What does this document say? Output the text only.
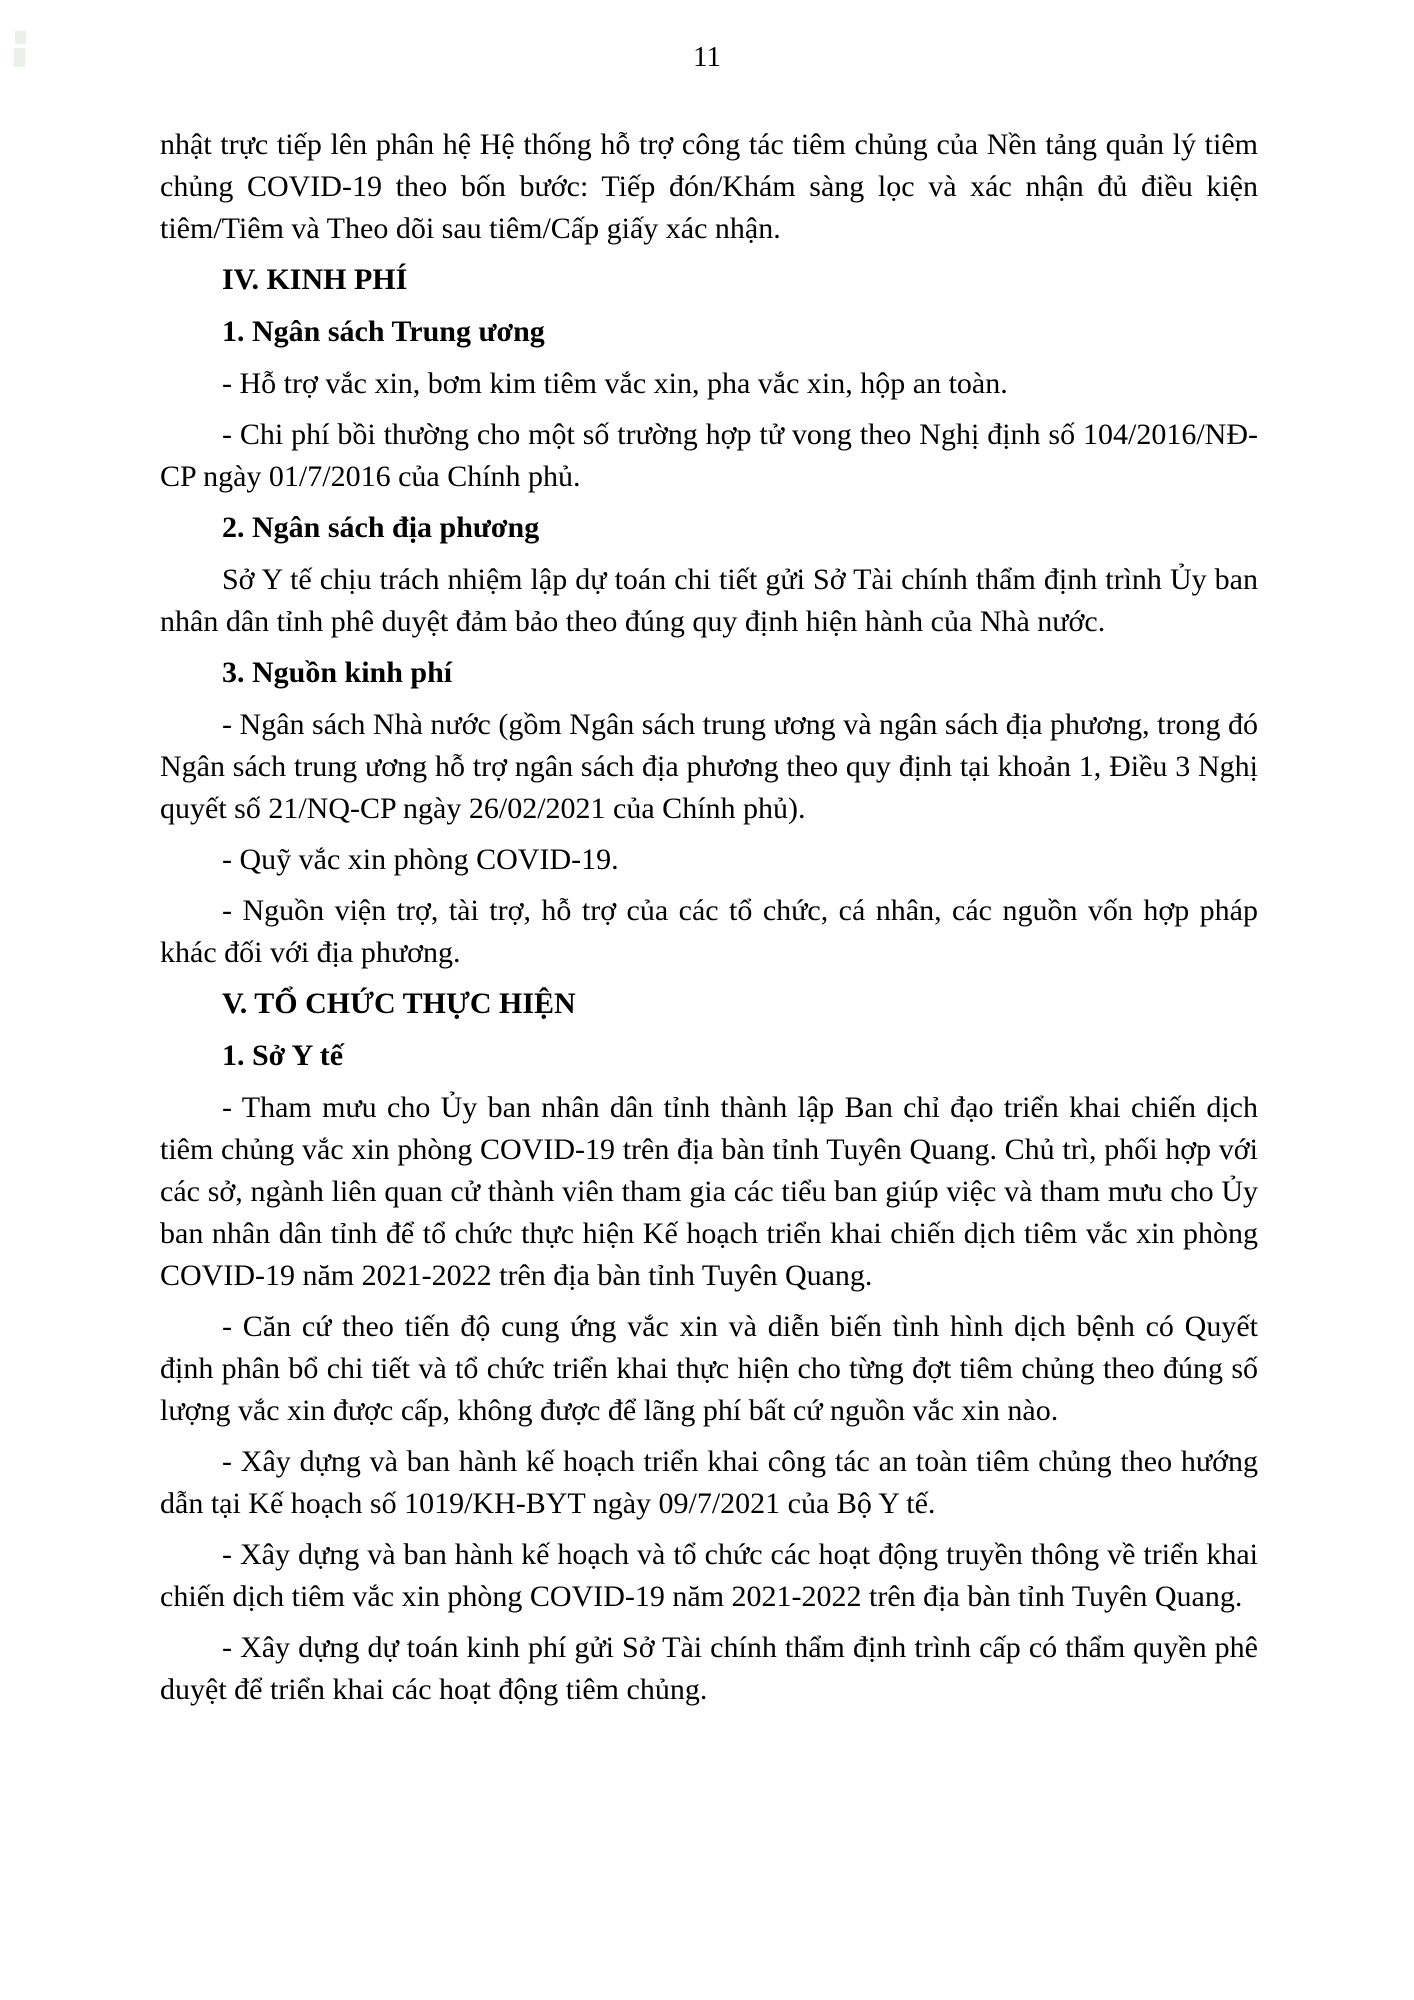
11

nhật trực tiếp lên phân hệ Hệ thống hỗ trợ công tác tiêm chủng của Nền tảng quản lý tiêm chủng COVID-19 theo bốn bước: Tiếp đón/Khám sàng lọc và xác nhận đủ điều kiện tiêm/Tiêm và Theo dõi sau tiêm/Cấp giấy xác nhận.

IV. KINH PHÍ

1. Ngân sách Trung ương

- Hỗ trợ vắc xin, bơm kim tiêm vắc xin, pha vắc xin, hộp an toàn.

- Chi phí bồi thường cho một số trường hợp tử vong theo Nghị định số 104/2016/NĐ-CP ngày 01/7/2016 của Chính phủ.

2. Ngân sách địa phương

Sở Y tế chịu trách nhiệm lập dự toán chi tiết gửi Sở Tài chính thẩm định trình Ủy ban nhân dân tỉnh phê duyệt đảm bảo theo đúng quy định hiện hành của Nhà nước.

3. Nguồn kinh phí

- Ngân sách Nhà nước (gồm Ngân sách trung ương và ngân sách địa phương, trong đó Ngân sách trung ương hỗ trợ ngân sách địa phương theo quy định tại khoản 1, Điều 3 Nghị quyết số 21/NQ-CP ngày 26/02/2021 của Chính phủ).

- Quỹ vắc xin phòng COVID-19.

- Nguồn viện trợ, tài trợ, hỗ trợ của các tổ chức, cá nhân, các nguồn vốn hợp pháp khác đối với địa phương.

V. TỔ CHỨC THỰC HIỆN

1. Sở Y tế

- Tham mưu cho Ủy ban nhân dân tỉnh thành lập Ban chỉ đạo triển khai chiến dịch tiêm chủng vắc xin phòng COVID-19 trên địa bàn tỉnh Tuyên Quang. Chủ trì, phối hợp với các sở, ngành liên quan cử thành viên tham gia các tiểu ban giúp việc và tham mưu cho Ủy ban nhân dân tỉnh để tổ chức thực hiện Kế hoạch triển khai chiến dịch tiêm vắc xin phòng COVID-19 năm 2021-2022 trên địa bàn tỉnh Tuyên Quang.

- Căn cứ theo tiến độ cung ứng vắc xin và diễn biến tình hình dịch bệnh có Quyết định phân bổ chi tiết và tổ chức triển khai thực hiện cho từng đợt tiêm chủng theo đúng số lượng vắc xin được cấp, không được để lãng phí bất cứ nguồn vắc xin nào.

- Xây dựng và ban hành kế hoạch triển khai công tác an toàn tiêm chủng theo hướng dẫn tại Kế hoạch số 1019/KH-BYT ngày 09/7/2021 của Bộ Y tế.

- Xây dựng và ban hành kế hoạch và tổ chức các hoạt động truyền thông về triển khai chiến dịch tiêm vắc xin phòng COVID-19 năm 2021-2022 trên địa bàn tỉnh Tuyên Quang.

- Xây dựng dự toán kinh phí gửi Sở Tài chính thẩm định trình cấp có thẩm quyền phê duyệt để triển khai các hoạt động tiêm chủng.
